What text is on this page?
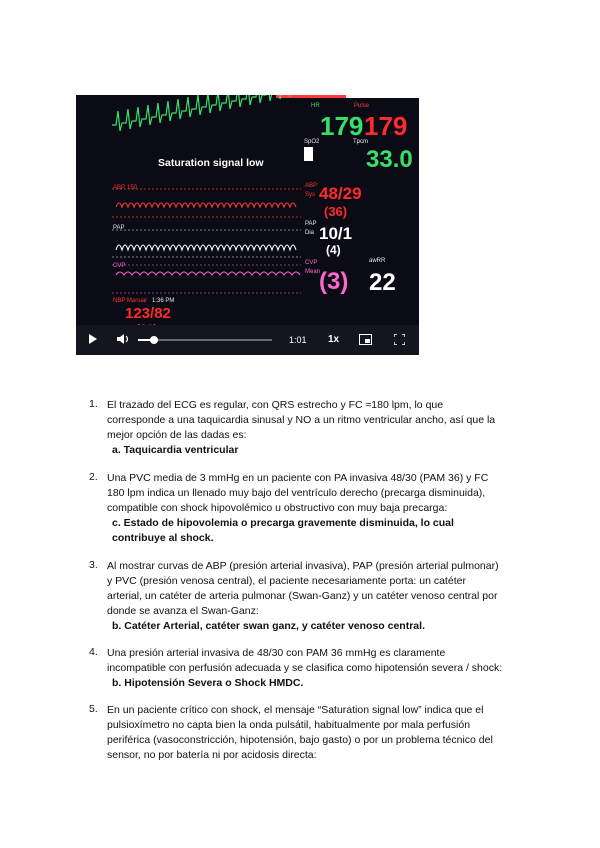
HR
179
Pulse
179
SpO2	Tpcm
33.0
Saturation signal low
ABP 150	ABP
Sys 48/29
(36)
PAP
PAP
Dia 10/1
(4)
CVP	CVP
Mean
(3)
awRR
22
NBP Manual 1:36 PM
123/82
1:01 1x
1. El trazado del ECG es regular, con QRS estrecho y FC ≈180 lpm, lo que

corresponde a una taquicardia sinusal y NO a un ritmo ventricular ancho, así que la

mejor opción de las dadas es:

a. Taquicardia ventricular

2. Una PVC media de 3 mmHg en un paciente con PA invasiva 48/30 (PAM 36) y FC

180 lpm indica un llenado muy bajo del ventrículo derecho (precarga disminuida),

compatible con shock hipovolémico u obstructivo con muy baja precarga:

c. Estado de hipovolemia o precarga gravemente disminuida, lo cual

contribuye al shock.

3. Al mostrar curvas de ABP (presión arterial invasiva), PAP (presión arterial pulmonar)

y PVC (presión venosa central), el paciente necesariamente porta: un catéter

arterial, un catéter de arteria pulmonar (Swan-Ganz) y un catéter venoso central por

donde se avanza el Swan-Ganz:

b. Catéter Arterial, catéter swan ganz, y catéter venoso central.

4. Una presión arterial invasiva de 48/30 con PAM 36 mmHg es claramente

incompatible con perfusión adecuada y se clasifica como hipotensión severa / shock:

b. Hipotensión Severa o Shock HMDC.

5. En un paciente crítico con shock, el mensaje “Saturation signal low” indica que el

pulsioxímetro no capta bien la onda pulsátil, habitualmente por mala perfusión

periférica (vasoconstricción, hipotensión, bajo gasto) o por un problema técnico del

sensor, no por batería ni por acidosis directa:
